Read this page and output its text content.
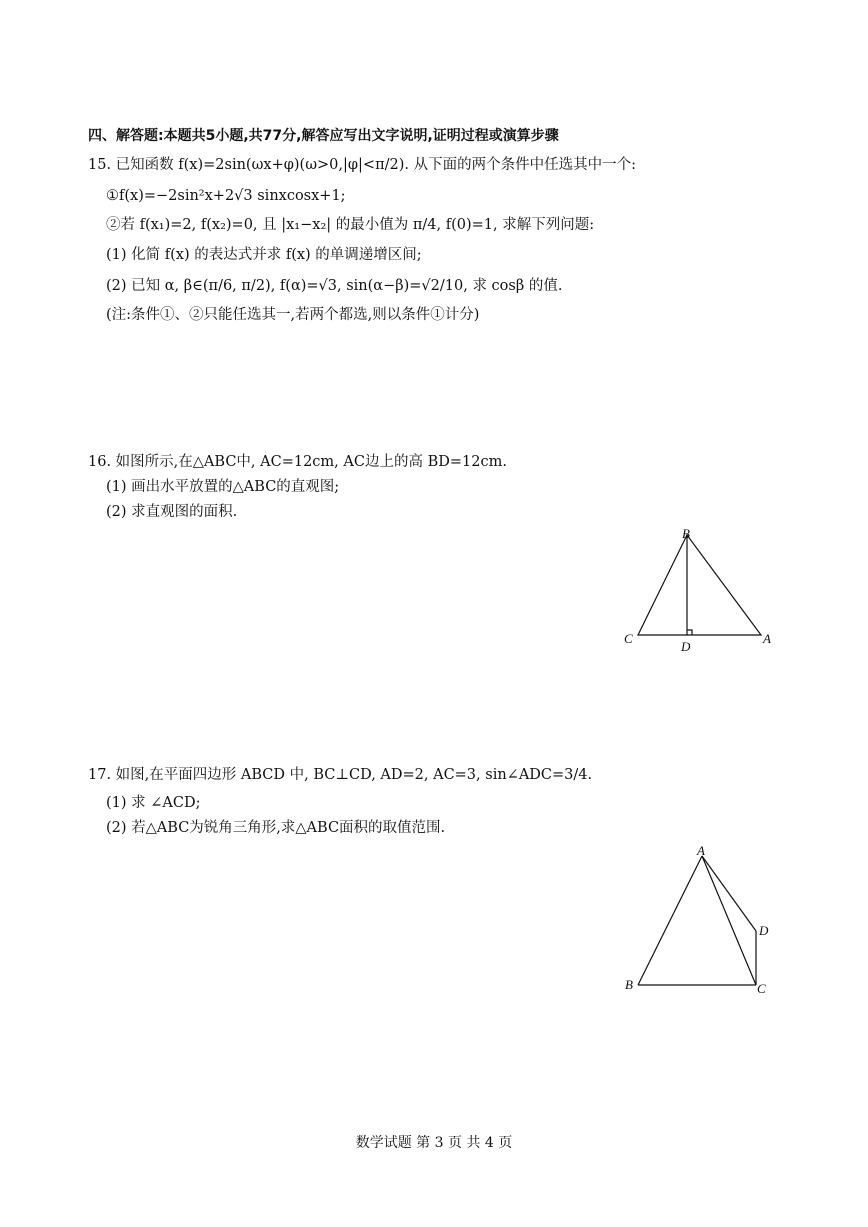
四、解答题:本题共5小题,共77分,解答应写出文字说明,证明过程或演算步骤
15. 已知函数 f(x)=2sin(ωx+φ)(ω>0,|φ|<π/2). 从下面的两个条件中任选其中一个:
①f(x)=−2sin²x+2√3 sinxcosx+1;
②若 f(x₁)=2, f(x₂)=0, 且 |x₁−x₂| 的最小值为 π/4, f(0)=1, 求解下列问题:
(1) 化简 f(x) 的表达式并求 f(x) 的单调递增区间;
(2) 已知 α, β∈(π/6, π/2), f(α)=√3, sin(α−β)=√2/10, 求 cosβ 的值.
(注:条件①、②只能任选其一,若两个都选,则以条件①计分)
16. 如图所示,在△ABC中, AC=12cm, AC边上的高 BD=12cm.
(1) 画出水平放置的△ABC的直观图;
(2) 求直观图的面积.
B
C
D
A
17. 如图,在平面四边形 ABCD 中, BC⊥CD, AD=2, AC=3, sin∠ADC=3/4.
(1) 求 ∠ACD;
(2) 若△ABC为锐角三角形,求△ABC面积的取值范围.
A
D
B	C
数学试题 第 3 页 共 4 页
